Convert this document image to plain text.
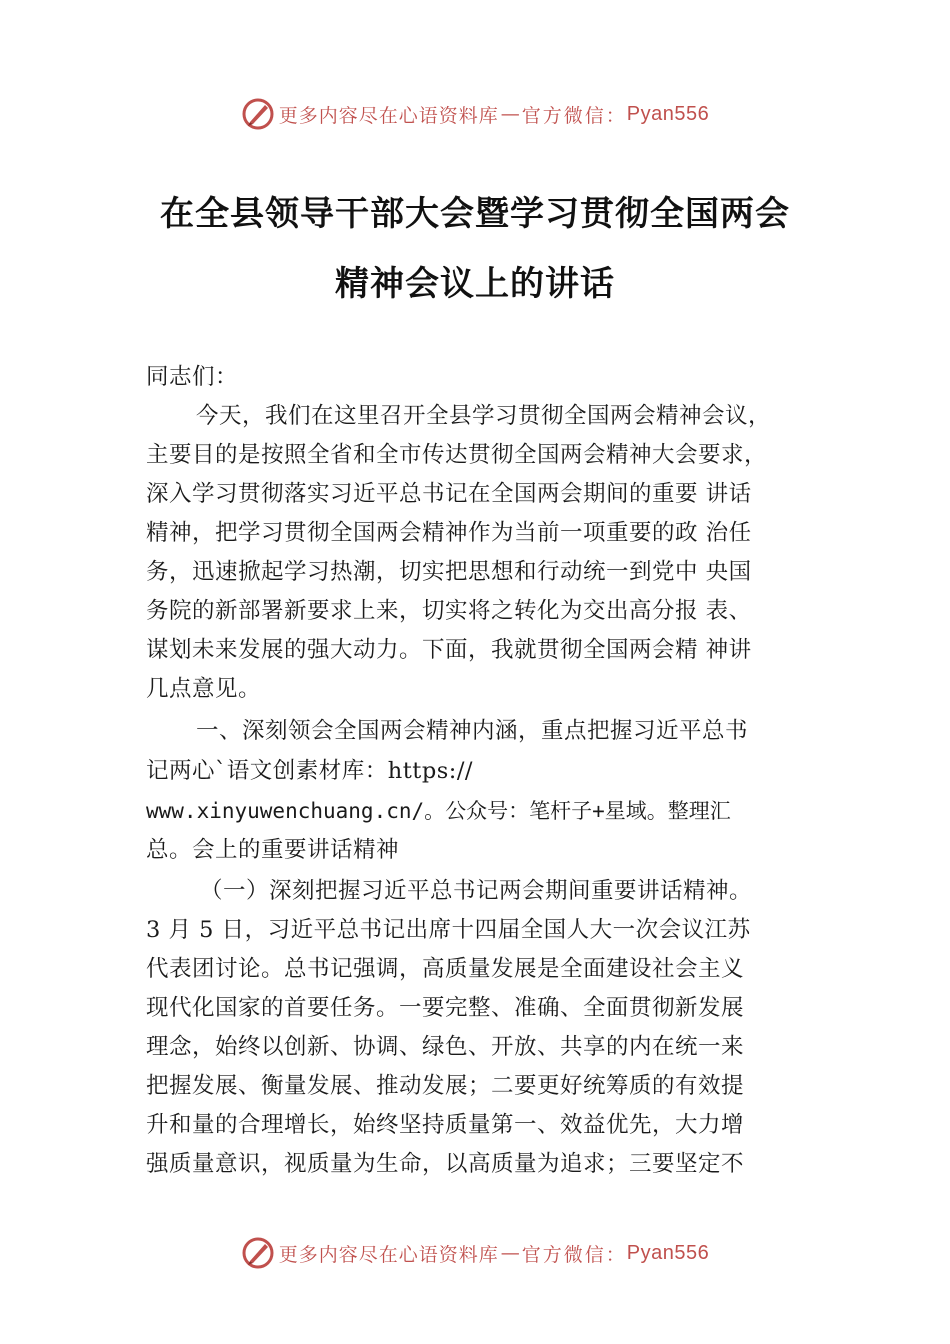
更多内容尽在心语资料库 — 官方微信： Pyan556
在全县领导干部大会暨学习贯彻全国两会
精神会议上的讲话
同志们：
今天，我们在这里召开全县学习贯彻全国两会精神会议，
主要目的是按照全省和全市传达贯彻全国两会精神大会要求，
深入学习贯彻落实习近平总书记在全国两会期间的重要 讲话
精神，把学习贯彻全国两会精神作为当前一项重要的政 治任
务，迅速掀起学习热潮，切实把思想和行动统一到党中 央国
务院的新部署新要求上来，切实将之转化为交出高分报 表、
谋划未来发展的强大动力。下面，我就贯彻全国两会精 神讲
几点意见。
一、深刻领会全国两会精神内涵，重点把握习近平总书
记两心`语文创素材库：https://
www.xinyuwenchuang.cn/。公众号：笔杆子+星域。整理汇
总。会上的重要讲话精神
（一）深刻把握习近平总书记两会期间重要讲话精神。
3 月 5 日，习近平总书记出席十四届全国人大一次会议江苏
代表团讨论。总书记强调，高质量发展是全面建设社会主义
现代化国家的首要任务。一要完整、准确、全面贯彻新发展
理念，始终以创新、协调、绿色、开放、共享的内在统一来
把握发展、衡量发展、推动发展；二要更好统筹质的有效提
升和量的合理增长，始终坚持质量第一、效益优先，大力增
强质量意识，视质量为生命，以高质量为追求；三要坚定不
更多内容尽在心语资料库 — 官方微信： Pyan556
